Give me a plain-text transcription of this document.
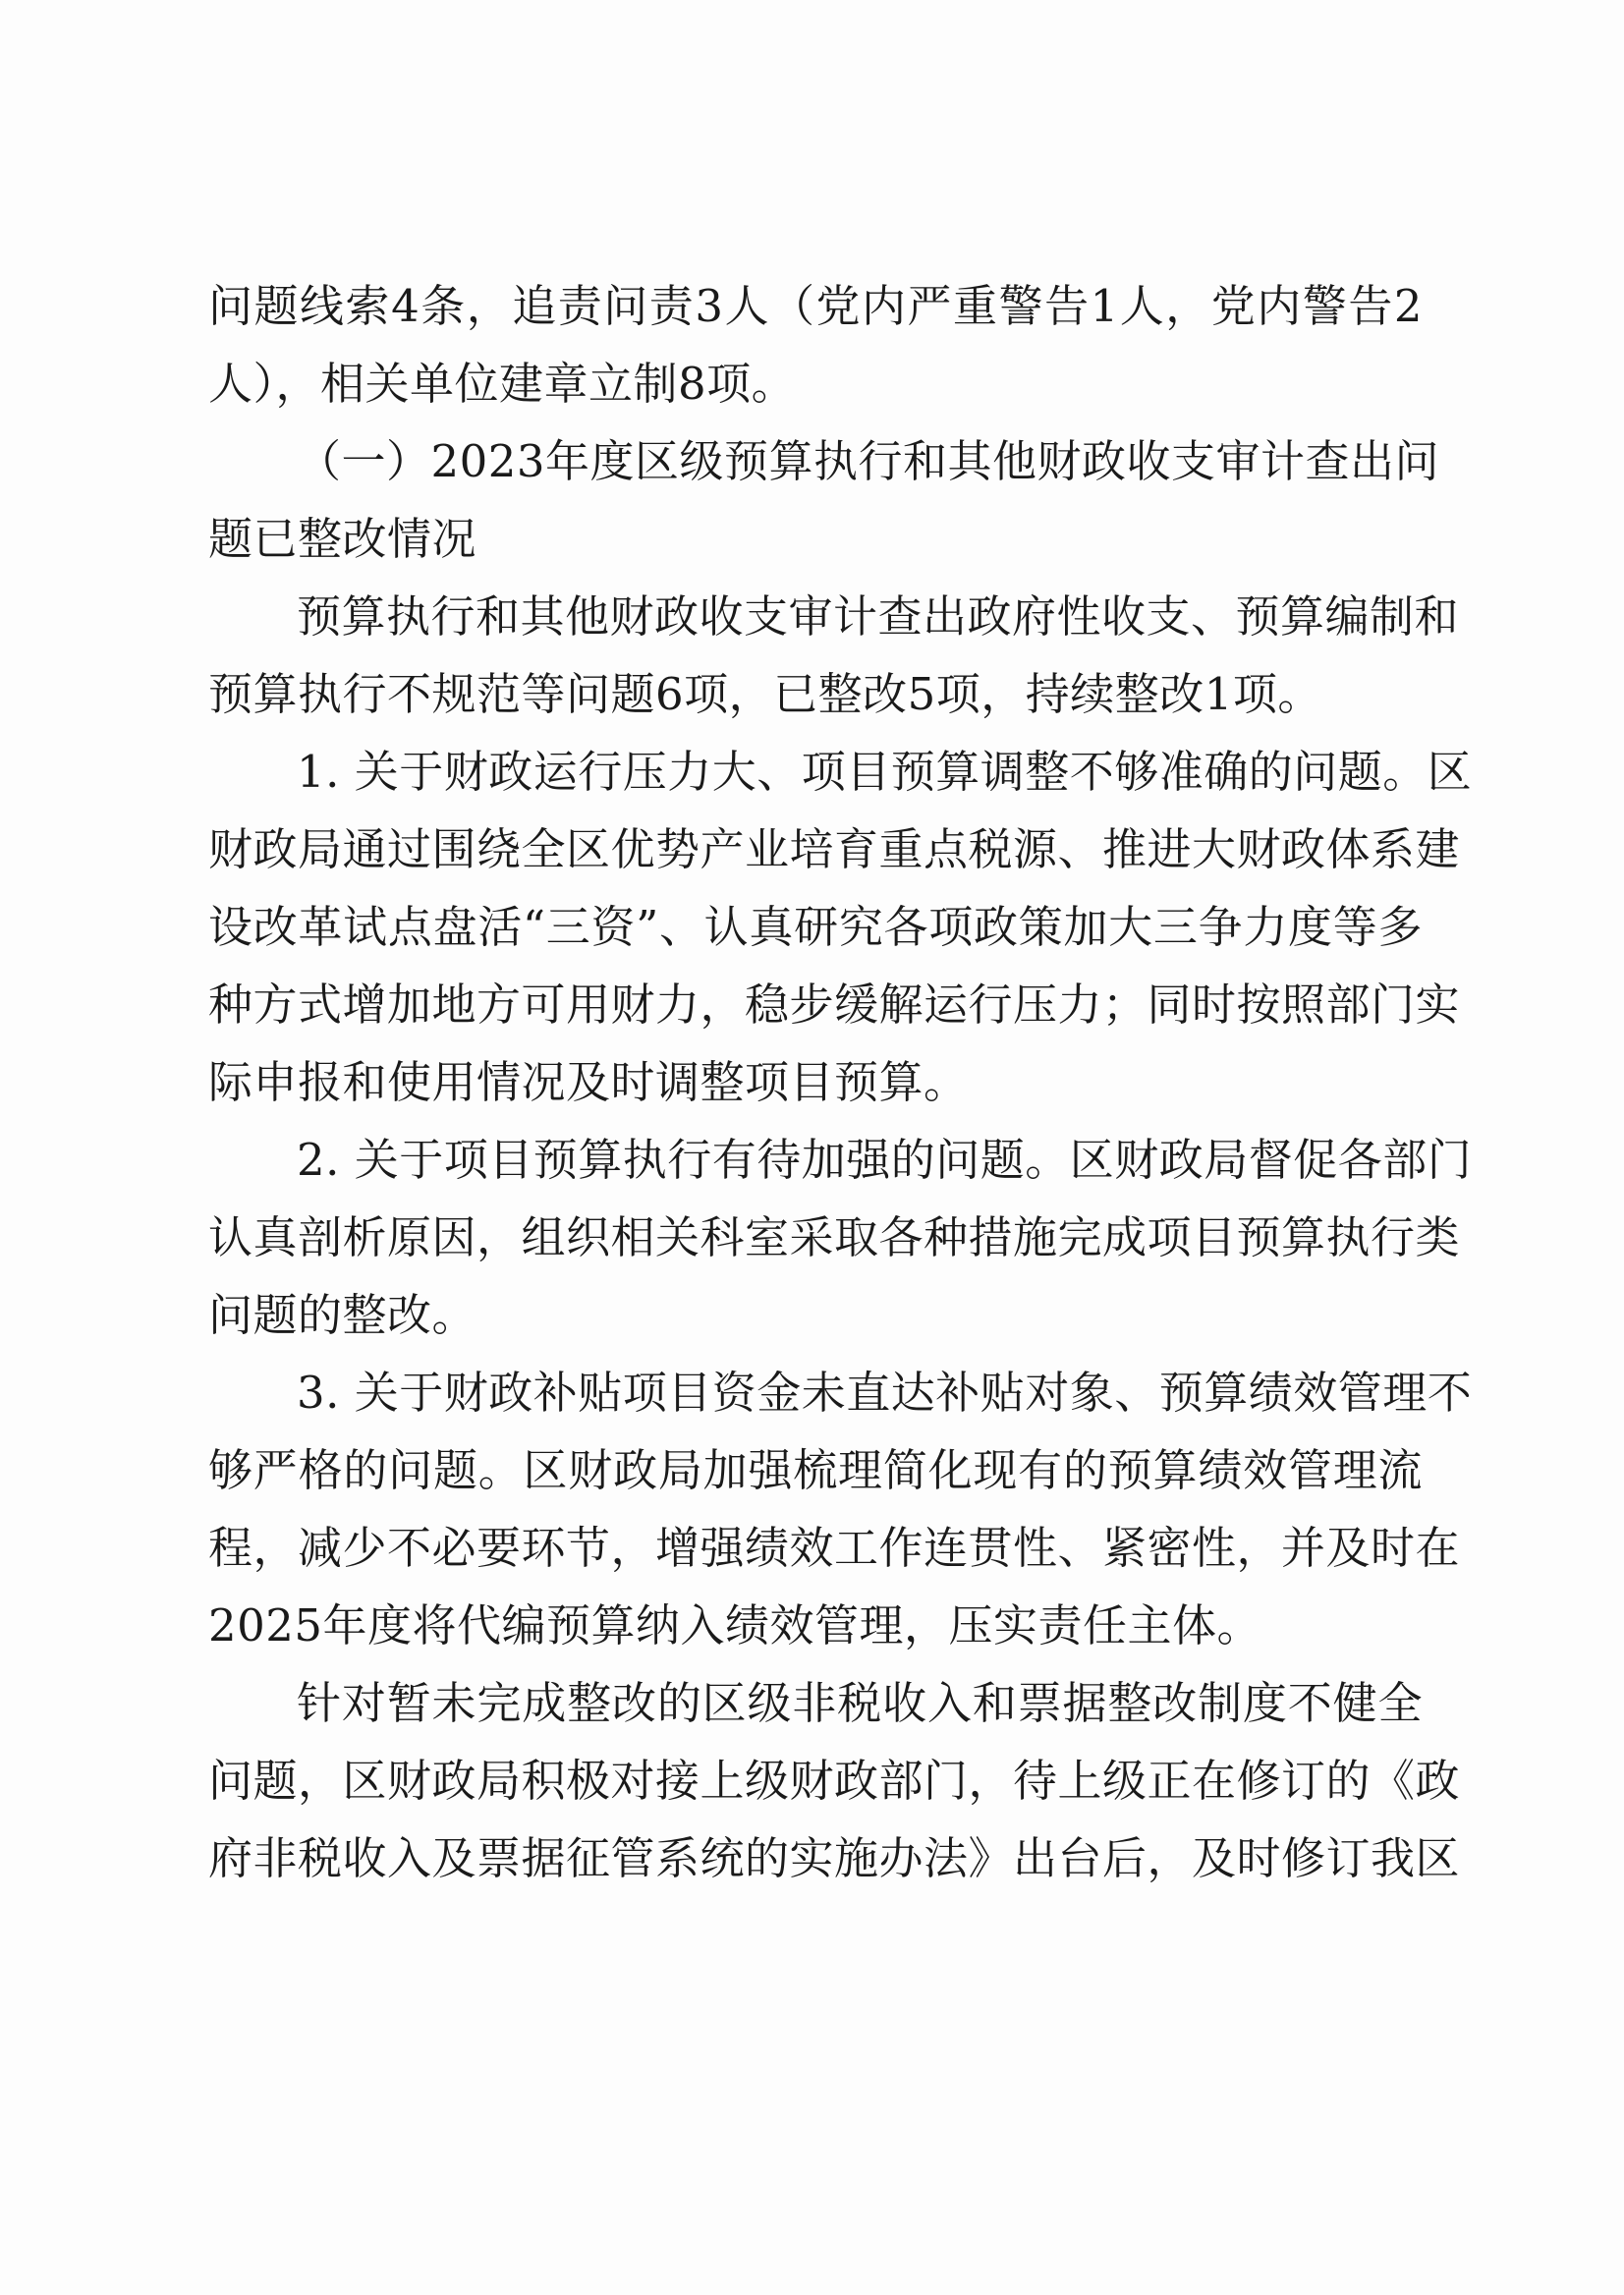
问题线索4条，追责问责3人（党内严重警告1人，党内警告2
人），相关单位建章立制8项。
（一）2023年度区级预算执行和其他财政收支审计查出问
题已整改情况
预算执行和其他财政收支审计查出政府性收支、预算编制和
预算执行不规范等问题6项，已整改5项，持续整改1项。
1. 关于财政运行压力大、项目预算调整不够准确的问题。区
财政局通过围绕全区优势产业培育重点税源、推进大财政体系建
设改革试点盘活“三资”、认真研究各项政策加大三争力度等多
种方式增加地方可用财力，稳步缓解运行压力；同时按照部门实
际申报和使用情况及时调整项目预算。
2. 关于项目预算执行有待加强的问题。区财政局督促各部门
认真剖析原因，组织相关科室采取各种措施完成项目预算执行类
问题的整改。
3. 关于财政补贴项目资金未直达补贴对象、预算绩效管理不
够严格的问题。区财政局加强梳理简化现有的预算绩效管理流
程，减少不必要环节，增强绩效工作连贯性、紧密性，并及时在
2025年度将代编预算纳入绩效管理，压实责任主体。
针对暂未完成整改的区级非税收入和票据整改制度不健全
问题，区财政局积极对接上级财政部门，待上级正在修订的《政
府非税收入及票据征管系统的实施办法》出台后，及时修订我区
